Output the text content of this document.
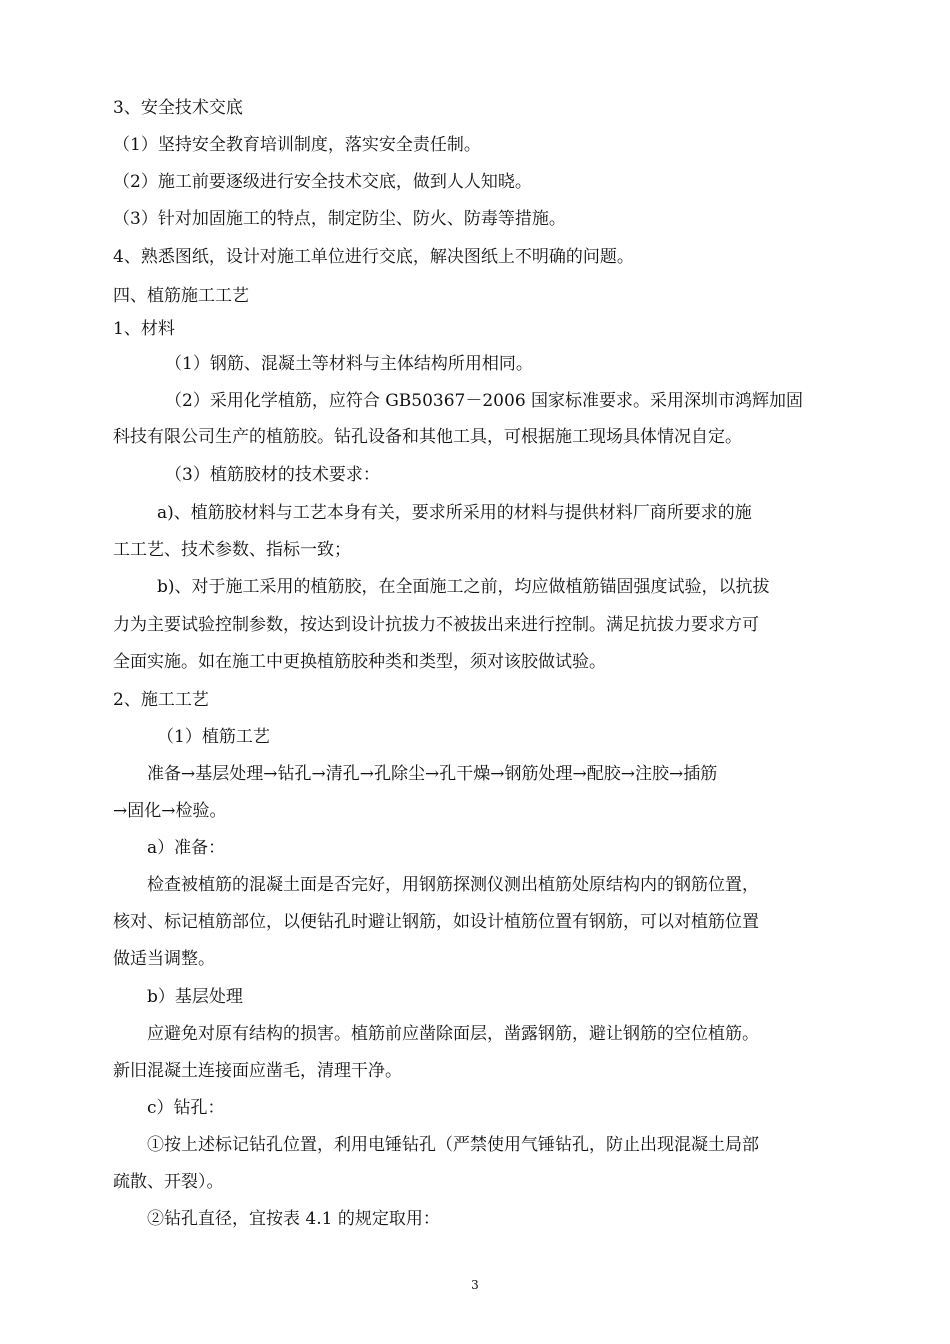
3、安全技术交底
（1）坚持安全教育培训制度，落实安全责任制。
（2）施工前要逐级进行安全技术交底，做到人人知晓。
（3）针对加固施工的特点，制定防尘、防火、防毒等措施。
4、熟悉图纸，设计对施工单位进行交底，解决图纸上不明确的问题。
四、植筋施工工艺
1、材料
（1）钢筋、混凝土等材料与主体结构所用相同。
（2）采用化学植筋，应符合 GB50367－2006 国家标准要求。采用深圳市鸿辉加固
科技有限公司生产的植筋胶。钻孔设备和其他工具，可根据施工现场具体情况自定。
（3）植筋胶材的技术要求：
a)、植筋胶材料与工艺本身有关，要求所采用的材料与提供材料厂商所要求的施
工工艺、技术参数、指标一致；
b)、对于施工采用的植筋胶，在全面施工之前，均应做植筋锚固强度试验，以抗拔
力为主要试验控制参数，按达到设计抗拔力不被拔出来进行控制。满足抗拔力要求方可
全面实施。如在施工中更换植筋胶种类和类型，须对该胶做试验。
2、施工工艺
（1）植筋工艺
准备→基层处理→钻孔→清孔→孔除尘→孔干燥→钢筋处理→配胶→注胶→插筋
→固化→检验。
a）准备：
检查被植筋的混凝土面是否完好，用钢筋探测仪测出植筋处原结构内的钢筋位置，
核对、标记植筋部位，以便钻孔时避让钢筋，如设计植筋位置有钢筋，可以对植筋位置
做适当调整。
b）基层处理
应避免对原有结构的损害。植筋前应凿除面层，凿露钢筋，避让钢筋的空位植筋。
新旧混凝土连接面应凿毛，清理干净。
c）钻孔：
①按上述标记钻孔位置，利用电锤钻孔（严禁使用气锤钻孔，防止出现混凝土局部
疏散、开裂）。
②钻孔直径，宜按表 4.1 的规定取用：
3
